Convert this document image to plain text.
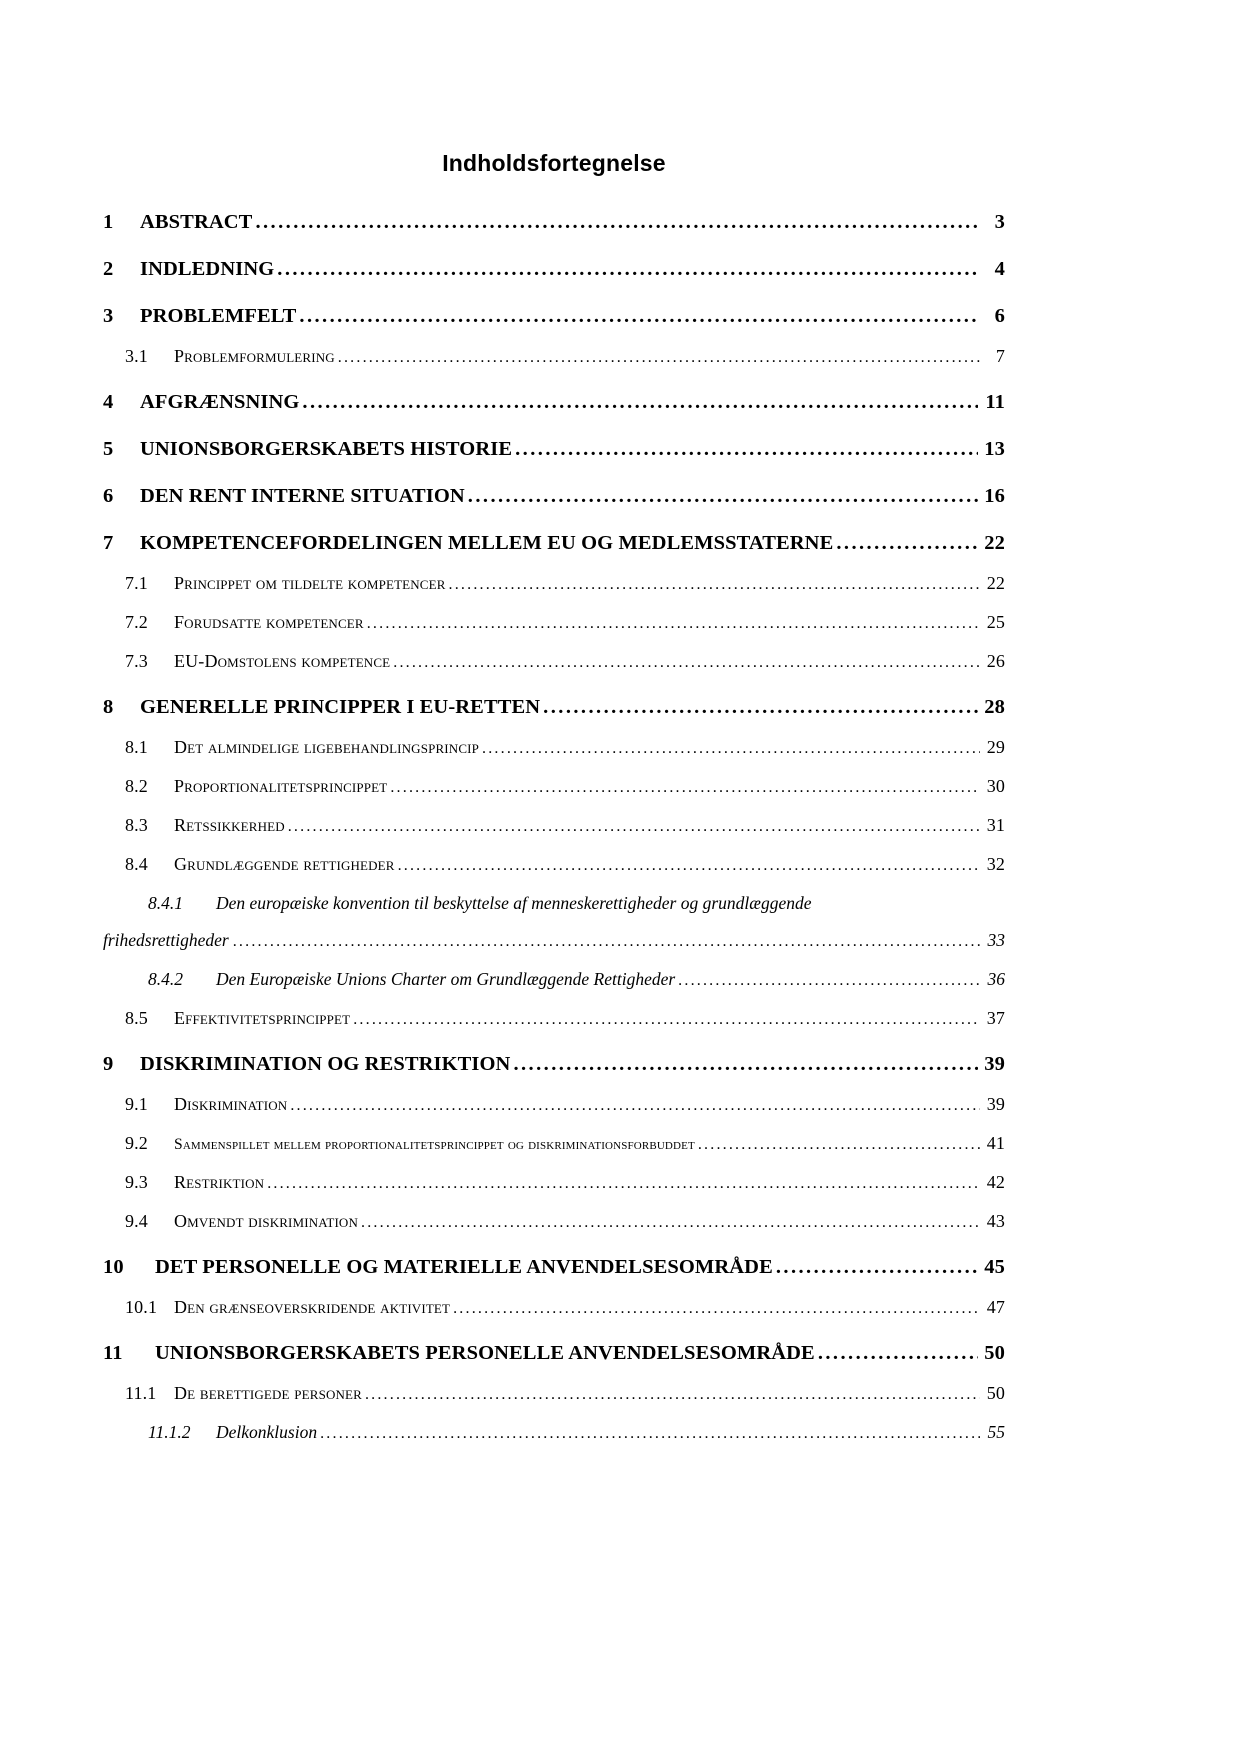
Indholdsfortegnelse
1	ABSTRACT . . .	3
2	INDLEDNING . . .	4
3	PROBLEMFELT . . .	6
3.1	Problemformulering . . .	7
4	AFGRÆNSNING . . .	11
5	UNIONSBORGERSKABETS HISTORIE . . .	13
6	DEN RENT INTERNE SITUATION . . .	16
7	KOMPETENCEFORDELINGEN MELLEM EU OG MEDLEMSSTATERNE . . .	22
7.1	Princippet om tildelte kompetencer . . .	22
7.2	Forudsatte kompetencer . . .	25
7.3	EU-Domstolens kompetence . . .	26
8	GENERELLE PRINCIPPER I EU-RETTEN . . .	28
8.1	Det almindelige ligebehandlingsprincip . . .	29
8.2	Proportionalitetsprincippet . . .	30
8.3	Retssikkerhed . . .	31
8.4	Grundlæggende rettigheder . . .	32
8.4.1	Den europæiske konvention til beskyttelse af menneskerettigheder og grundlæggende
frihedsrettigheder . . .	33
8.4.2	Den Europæiske Unions Charter om Grundlæggende Rettigheder . . .	36
8.5	Effektivitetsprincippet . . .	37
9	DISKRIMINATION OG RESTRIKTION . . .	39
9.1	Diskrimination . . .	39
9.2	Sammenspillet mellem proportionalitetsprincippet og diskriminationsforbuddet . . .	41
9.3	Restriktion . . .	42
9.4	Omvendt diskrimination . . .	43
10	DET PERSONELLE OG MATERIELLE ANVENDELSESOMRÅDE . . .	45
10.1 Den grænseoverskridende aktivitet . . .	47
11	UNIONSBORGERSKABETS PERSONELLE ANVENDELSESOMRÅDE . . .	50
11.1 De berettigede personer . . .	50
11.1.2	Delkonklusion . . .	55
